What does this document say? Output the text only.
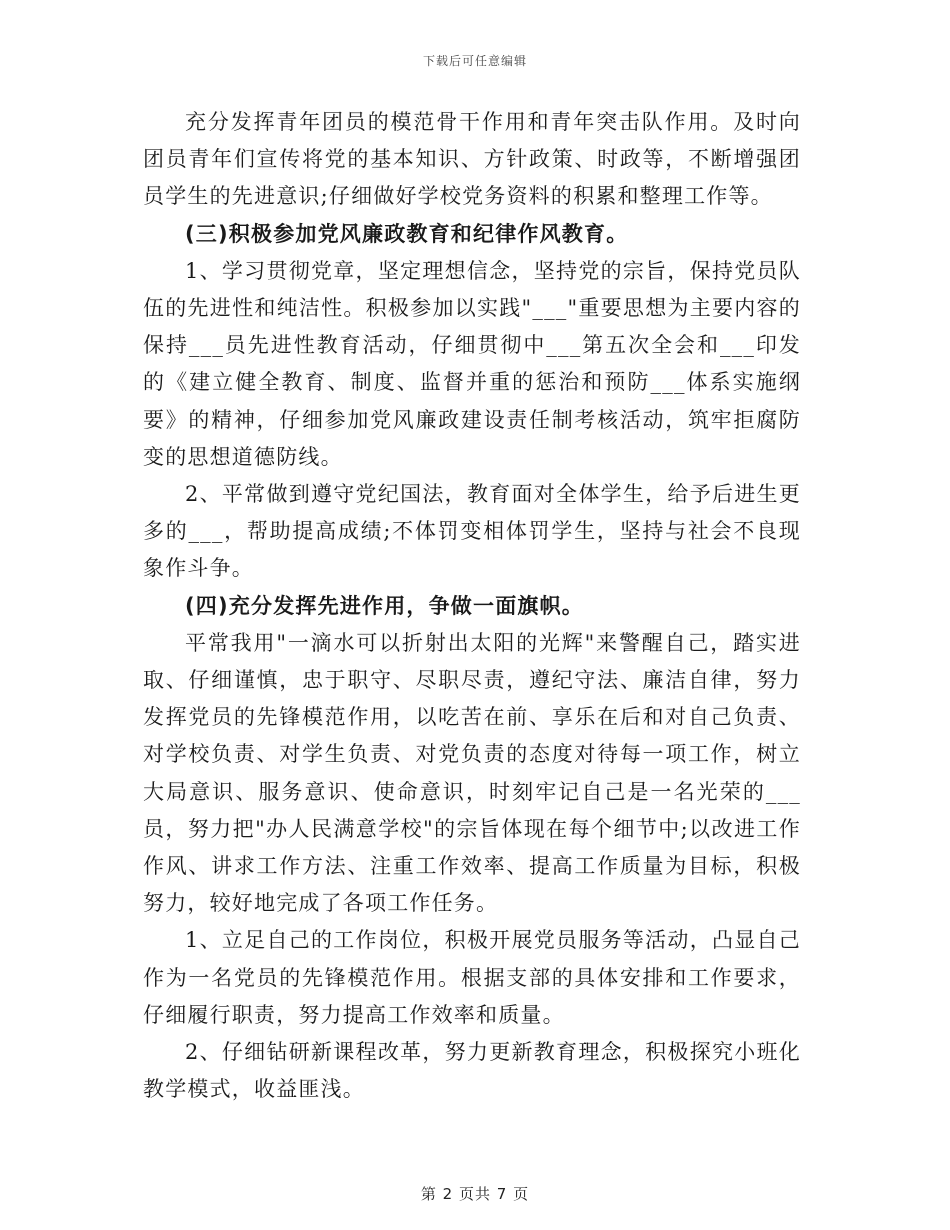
下载后可任意编辑

充分发挥青年团员的模范骨干作用和青年突击队作用。及时向团员青年们宣传将党的基本知识、方针政策、时政等，不断增强团员学生的先进意识;仔细做好学校党务资料的积累和整理工作等。

(三)积极参加党风廉政教育和纪律作风教育。

1、学习贯彻党章，坚定理想信念，坚持党的宗旨，保持党员队伍的先进性和纯洁性。积极参加以实践"___"重要思想为主要内容的保持___员先进性教育活动，仔细贯彻中___第五次全会和___印发的《建立健全教育、制度、监督并重的惩治和预防___体系实施纲要》的精神，仔细参加党风廉政建设责任制考核活动，筑牢拒腐防变的思想道德防线。

2、平常做到遵守党纪国法，教育面对全体学生，给予后进生更多的___，帮助提高成绩;不体罚变相体罚学生，坚持与社会不良现象作斗争。

(四)充分发挥先进作用，争做一面旗帜。

平常我用"一滴水可以折射出太阳的光辉"来警醒自己，踏实进取、仔细谨慎，忠于职守、尽职尽责，遵纪守法、廉洁自律，努力发挥党员的先锋模范作用，以吃苦在前、享乐在后和对自己负责、对学校负责、对学生负责、对党负责的态度对待每一项工作，树立大局意识、服务意识、使命意识，时刻牢记自己是一名光荣的___员，努力把"办人民满意学校"的宗旨体现在每个细节中;以改进工作作风、讲求工作方法、注重工作效率、提高工作质量为目标，积极努力，较好地完成了各项工作任务。

1、立足自己的工作岗位，积极开展党员服务等活动，凸显自己作为一名党员的先锋模范作用。根据支部的具体安排和工作要求，仔细履行职责，努力提高工作效率和质量。

2、仔细钻研新课程改革，努力更新教育理念，积极探究小班化教学模式，收益匪浅。

第 2 页共 7 页
